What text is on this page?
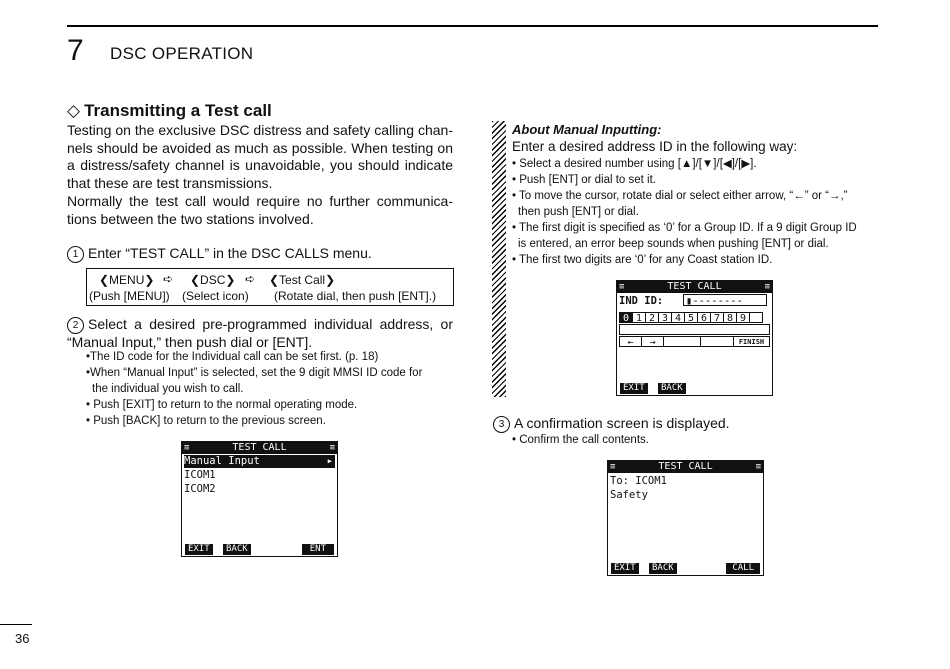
7 DSC OPERATION
◇ Transmitting a Test call
Testing on the exclusive DSC distress and safety calling chan-nels should be avoided as much as possible. When testing on a distress/safety channel is unavoidable, you should indicate that these are test transmissions.
Normally the test call would require no further communica-tions between the two stations involved.
1 Enter “TEST CALL” in the DSC CALLS menu.
❮MENU❯ ➪ ❮DSC❯ ➪ ❮Test Call❯
(Push [MENU]) (Select icon) (Rotate dial, then push [ENT].)
2 Select a desired pre-programmed individual address, or “Manual Input,” then push dial or [ENT].
•The ID code for the Individual call can be set first. (p. 18)
•When “Manual Input” is selected, set the 9 digit MMSI ID code for
the individual you wish to call.
• Push [EXIT] to return to the normal operating mode.
• Push [BACK] to return to the previous screen.
≡	TEST CALL	≡
Manual Input	▸
ICOM1
ICOM2
EXIT	BACK	ENT
About Manual Inputting:
Enter a desired address ID in the following way:
• Select a desired number using [▲]/[▼]/[◀]/[▶].
• Push [ENT] or dial to set it.
• To move the cursor, rotate dial or select either arrow, “←” or “→,”
then push [ENT] or dial.
• The first digit is specified as ‘0’ for a Group ID. If a 9 digit Group ID
is entered, an error beep sounds when pushing [ENT] or dial.
• The first two digits are ‘0’ for any Coast station ID.
≡	TEST CALL	≡
IND ID: ▮--------
0 1 2 3 4 5 6 7 8 9
←	→	FINISH
EXIT	BACK
3 A confirmation screen is displayed.
• Confirm the call contents.
≡	TEST CALL	≡
To: ICOM1
Safety
EXIT	BACK	CALL
36
